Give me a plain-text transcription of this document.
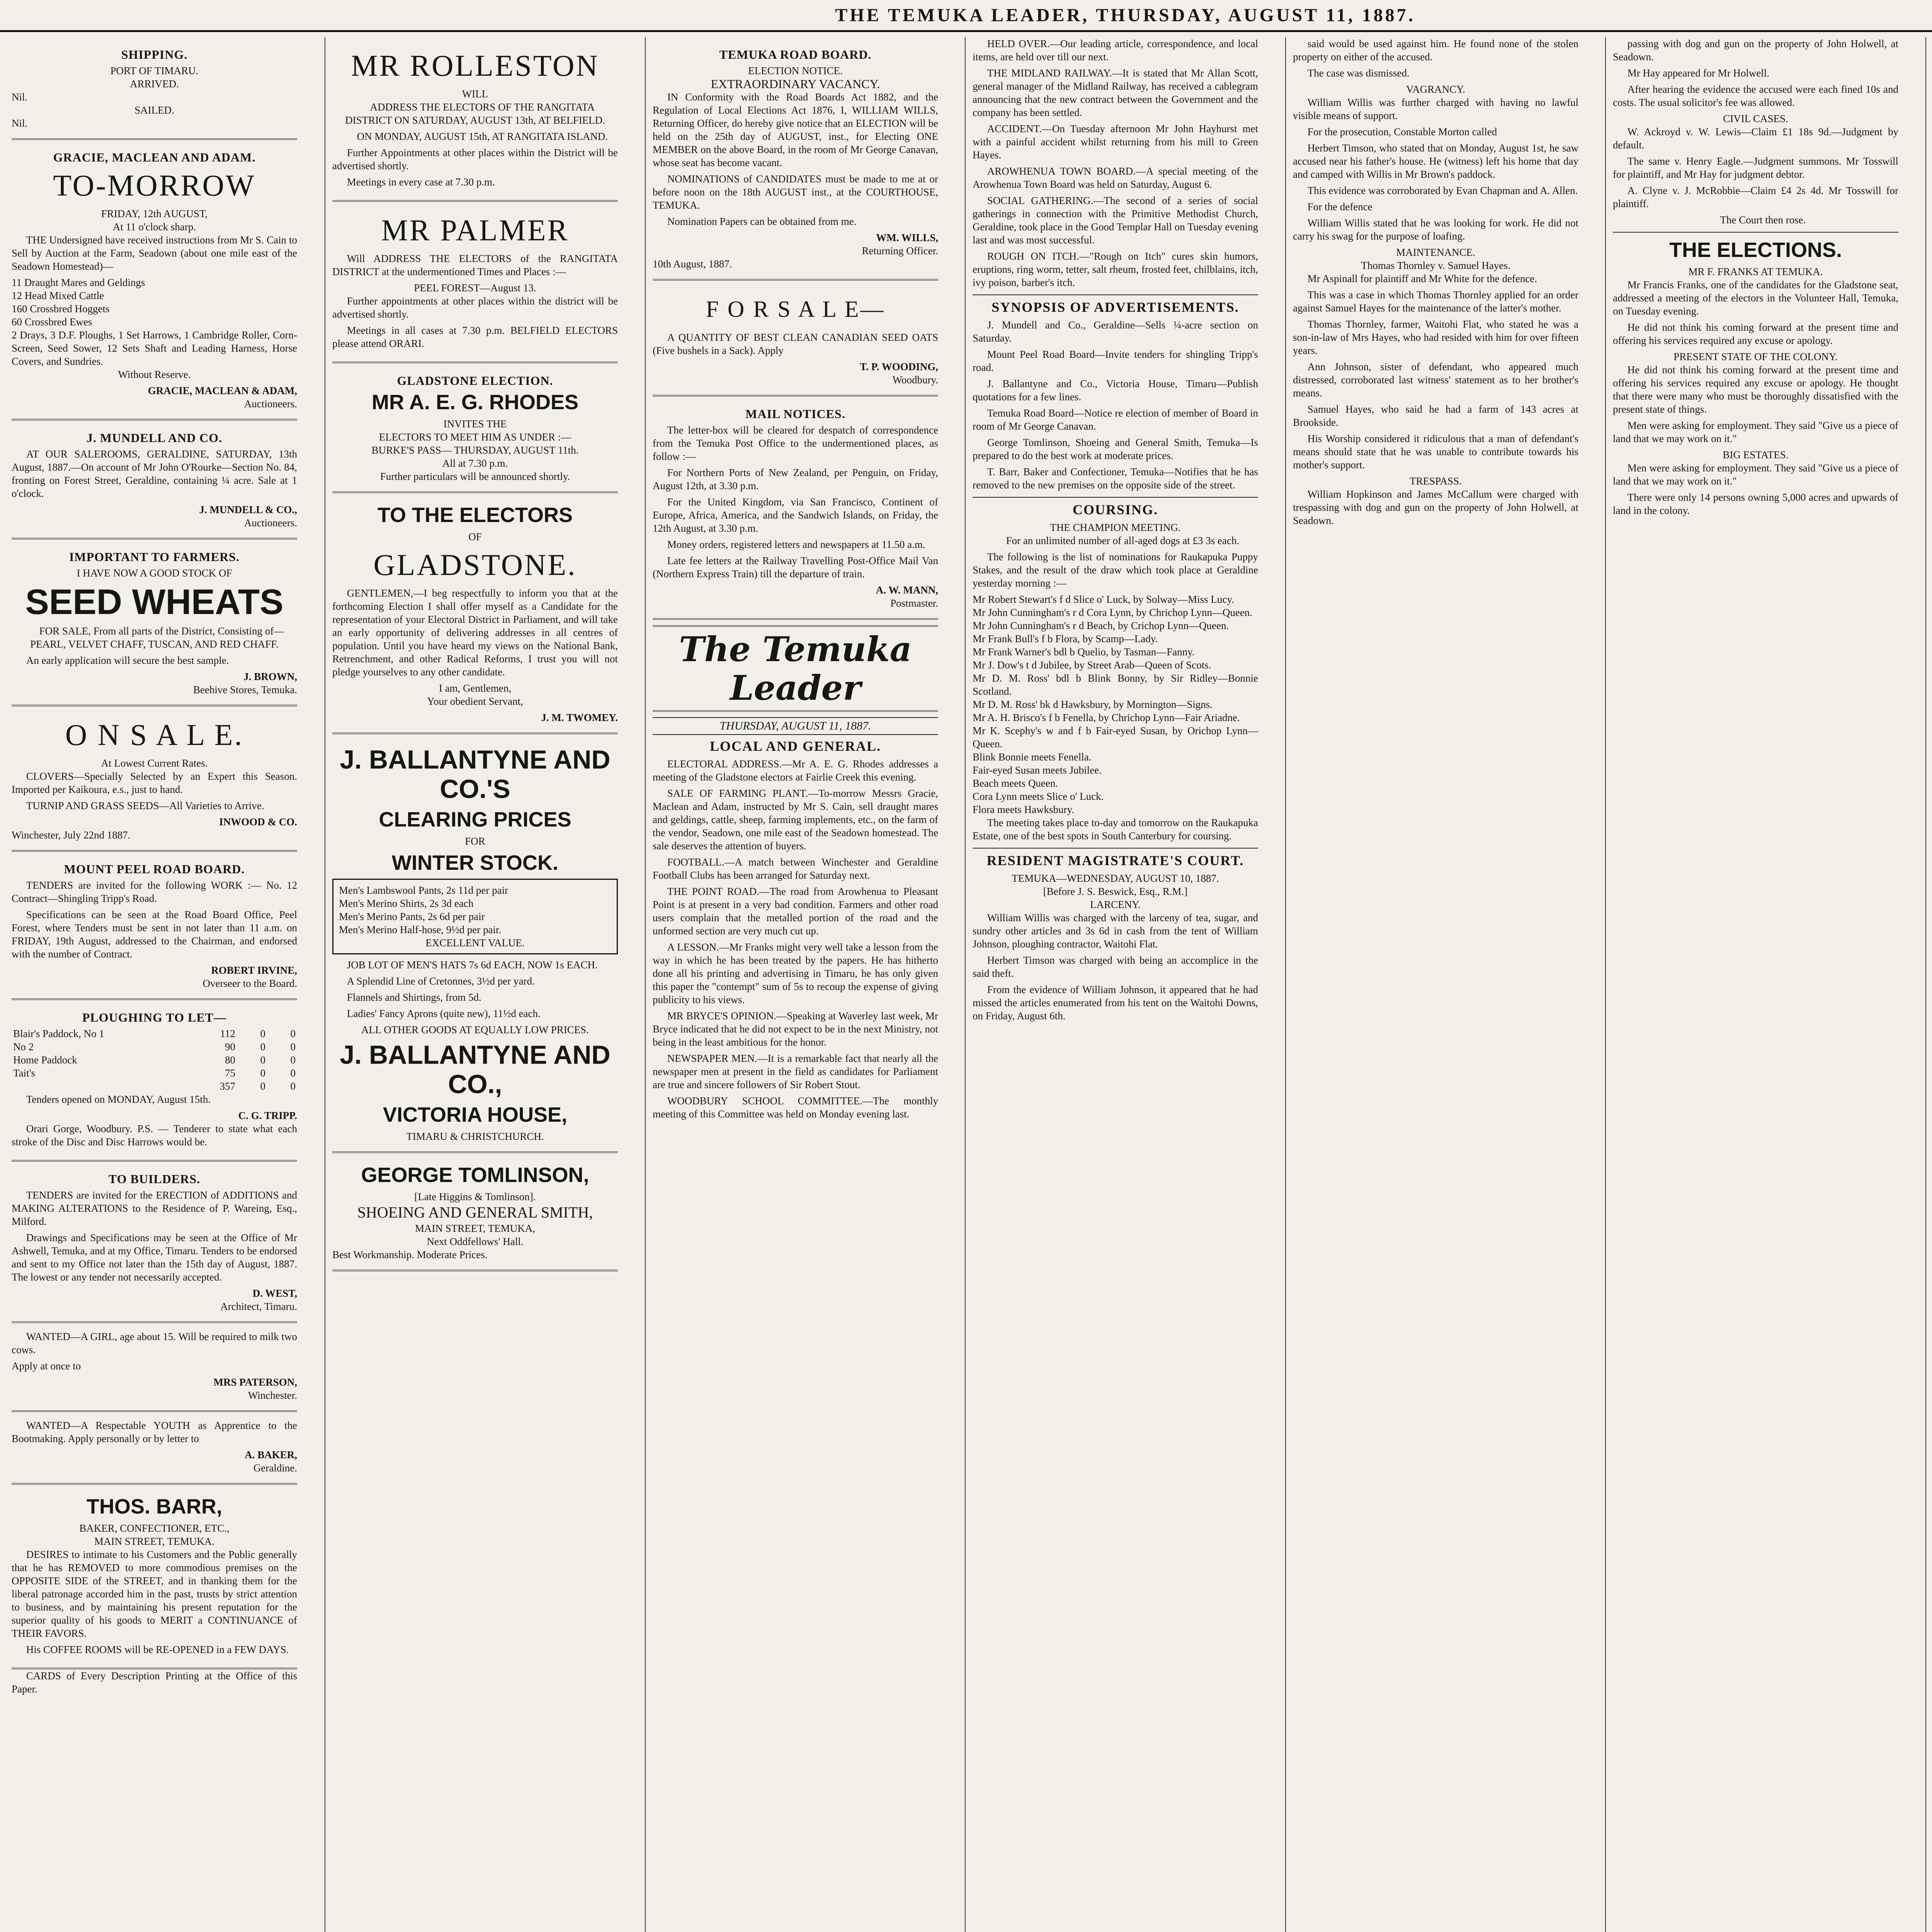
THE TEMUKA LEADER, THURSDAY, AUGUST 11, 1887.
SHIPPING.
PORT OF TIMARU.
ARRIVED.
Nil.
SAILED.
Nil.
GRACIE, MACLEAN AND ADAM.
TO-MORROW
FRIDAY, 12th AUGUST,
At 11 o'clock sharp.

THE Undersigned have received instructions from Mr S. Cain to Sell by Auction at the Farm, Seadown (about one mile east of the Seadown Homestead)—

11 Draught Mares and Geldings
12 Head Mixed Cattle
160 Crossbred Hoggets
60 Crossbred Ewes
2 Drays, 3 D.F. Ploughs, 1 Set Harrows, 1 Cambridge Roller, Corn-Screen, Seed Sower, 12 Sets Shaft and Leading Harness, Horse Covers, and Sundries.
Without Reserve.
GRACIE, MACLEAN & ADAM,
Auctioneers.
J. MUNDELL AND CO.

AT OUR SALEROOMS, GERALDINE, SATURDAY, 13th August, 1887.—On account of Mr John O'Rourke—Section No. 84, fronting on Forest Street, Geraldine, containing ¼ acre. Sale at 1 o'clock.

J. MUNDELL & CO.,
Auctioneers.
IMPORTANT TO FARMERS.
I HAVE NOW A GOOD STOCK OF
SEED WHEATS

FOR SALE, From all parts of the District, Consisting of— PEARL, VELVET CHAFF, TUSCAN, AND RED CHAFF.

An early application will secure the best sample.

J. BROWN,
Beehive Stores, Temuka.
O N S A L E.
At Lowest Current Rates.

CLOVERS—Specially Selected by an Expert this Season. Imported per Kaikoura, e.s., just to hand.

TURNIP AND GRASS SEEDS—All Varieties to Arrive.

INWOOD & CO.
Winchester, July 22nd 1887.
MOUNT PEEL ROAD BOARD.

TENDERS are invited for the following WORK :— No. 12 Contract—Shingling Tripp's Road.

Specifications can be seen at the Road Board Office, Peel Forest, where Tenders must be sent in not later than 11 a.m. on FRIDAY, 19th August, addressed to the Chairman, and endorsed with the number of Contract.

ROBERT IRVINE,
Overseer to the Board.
PLOUGHING TO LET—
Blair's Paddock, No 1	112	0	0
No 2	90	0	0
Home Paddock	80	0	0
Tait's	75	0	0
	357	0	0

Tenders opened on MONDAY, August 15th.

C. G. TRIPP.

Orari Gorge, Woodbury. P.S. — Tenderer to state what each stroke of the Disc and Disc Harrows would be.

TO BUILDERS.

TENDERS are invited for the ERECTION of ADDITIONS and MAKING ALTERATIONS to the Residence of P. Wareing, Esq., Milford.

Drawings and Specifications may be seen at the Office of Mr Ashwell, Temuka, and at my Office, Timaru. Tenders to be endorsed and sent to my Office not later than the 15th day of August, 1887. The lowest or any tender not necessarily accepted.

D. WEST,
Architect, Timaru.

WANTED—A GIRL, age about 15. Will be required to milk two cows.

Apply at once to
MRS PATERSON,
Winchester.

WANTED—A Respectable YOUTH as Apprentice to the Bootmaking. Apply personally or by letter to

A. BAKER,
Geraldine.
THOS. BARR,
BAKER, CONFECTIONER, ETC.,
MAIN STREET, TEMUKA.

DESIRES to intimate to his Customers and the Public generally that he has REMOVED to more commodious premises on the OPPOSITE SIDE of the STREET, and in thanking them for the liberal patronage accorded him in the past, trusts by strict attention to business, and by maintaining his present reputation for the superior quality of his goods to MERIT a CONTINUANCE of THEIR FAVORS.

His COFFEE ROOMS will be RE-OPENED in a FEW DAYS.

CARDS of Every Description Printing at the Office of this Paper.

MR ROLLESTON
WILL

ADDRESS THE ELECTORS OF THE RANGITATA DISTRICT ON SATURDAY, AUGUST 13th, AT BELFIELD.

ON MONDAY, AUGUST 15th, AT RANGITATA ISLAND.

Further Appointments at other places within the District will be advertised shortly.

Meetings in every case at 7.30 p.m.

MR PALMER

Will ADDRESS THE ELECTORS of the RANGITATA DISTRICT at the undermentioned Times and Places :—

PEEL FOREST—August 13.

Further appointments at other places within the district will be advertised shortly.

Meetings in all cases at 7.30 p.m. BELFIELD ELECTORS please attend ORARI.

GLADSTONE ELECTION.
MR A. E. G. RHODES
INVITES THE
ELECTORS TO MEET HIM AS UNDER :—
BURKE'S PASS— THURSDAY, AUGUST 11th.
All at 7.30 p.m.
Further particulars will be announced shortly.
TO THE ELECTORS
OF
GLADSTONE.

GENTLEMEN,—I beg respectfully to inform you that at the forthcoming Election I shall offer myself as a Candidate for the representation of your Electoral District in Parliament, and will take an early opportunity of delivering addresses in all centres of population. Until you have heard my views on the National Bank, Retrenchment, and other Radical Reforms, I trust you will not pledge yourselves to any other candidate.

I am, Gentlemen,
Your obedient Servant,
J. M. TWOMEY.
J. BALLANTYNE AND CO.'S
CLEARING PRICES
FOR
WINTER STOCK.
Men's Lambswool Pants, 2s 11d per pair
Men's Merino Shirts, 2s 3d each
Men's Merino Pants, 2s 6d per pair
Men's Merino Half-hose, 9½d per pair.
EXCELLENT VALUE.

JOB LOT OF MEN'S HATS 7s 6d EACH, NOW 1s EACH.

A Splendid Line of Cretonnes, 3½d per yard.

Flannels and Shirtings, from 5d.

Ladies' Fancy Aprons (quite new), 11½d each.

ALL OTHER GOODS AT EQUALLY LOW PRICES.
J. BALLANTYNE AND CO.,
VICTORIA HOUSE,
TIMARU & CHRISTCHURCH.
GEORGE TOMLINSON,
[Late Higgins & Tomlinson].
SHOEING AND GENERAL SMITH,
MAIN STREET, TEMUKA,
Next Oddfellows' Hall.
Best Workmanship. Moderate Prices.
TEMUKA ROAD BOARD.
ELECTION NOTICE.
EXTRAORDINARY VACANCY.

IN Conformity with the Road Boards Act 1882, and the Regulation of Local Elections Act 1876, I, WILLIAM WILLS, Returning Officer, do hereby give notice that an ELECTION will be held on the 25th day of AUGUST, inst., for Electing ONE MEMBER on the above Board, in the room of Mr George Canavan, whose seat has become vacant.

NOMINATIONS of CANDIDATES must be made to me at or before noon on the 18th AUGUST inst., at the COURTHOUSE, TEMUKA.

Nomination Papers can be obtained from me.

WM. WILLS,
Returning Officer.
10th August, 1887.
F O R S A L E—

A QUANTITY OF BEST CLEAN CANADIAN SEED OATS (Five bushels in a Sack). Apply

T. P. WOODING,
Woodbury.
MAIL NOTICES.

The letter-box will be cleared for despatch of correspondence from the Temuka Post Office to the undermentioned places, as follow :—

For Northern Ports of New Zealand, per Penguin, on Friday, August 12th, at 3.30 p.m.

For the United Kingdom, via San Francisco, Continent of Europe, Africa, America, and the Sandwich Islands, on Friday, the 12th August, at 3.30 p.m.

Money orders, registered letters and newspapers at 11.50 a.m.

Late fee letters at the Railway Travelling Post-Office Mail Van (Northern Express Train) till the departure of train.

A. W. MANN,
Postmaster.
The Temuka Leader
THURSDAY, AUGUST 11, 1887.
LOCAL AND GENERAL.

ELECTORAL ADDRESS.—Mr A. E. G. Rhodes addresses a meeting of the Gladstone electors at Fairlie Creek this evening.

SALE OF FARMING PLANT.—To-morrow Messrs Gracie, Maclean and Adam, instructed by Mr S. Cain, sell draught mares and geldings, cattle, sheep, farming implements, etc., on the farm of the vendor, Seadown, one mile east of the Seadown homestead. The sale deserves the attention of buyers.

FOOTBALL.—A match between Winchester and Geraldine Football Clubs has been arranged for Saturday next.

THE POINT ROAD.—The road from Arowhenua to Pleasant Point is at present in a very bad condition. Farmers and other road users complain that the metalled portion of the road and the unformed section are very much cut up.

A LESSON.—Mr Franks might very well take a lesson from the way in which he has been treated by the papers. He has hitherto done all his printing and advertising in Timaru, he has only given this paper the "contempt" sum of 5s to recoup the expense of giving publicity to his views.

MR BRYCE'S OPINION.—Speaking at Waverley last week, Mr Bryce indicated that he did not expect to be in the next Ministry, not being in the least ambitious for the honor.

NEWSPAPER MEN.—It is a remarkable fact that nearly all the newspaper men at present in the field as candidates for Parliament are true and sincere followers of Sir Robert Stout.

WOODBURY SCHOOL COMMITTEE.—The monthly meeting of this Committee was held on Monday evening last.

HELD OVER.—Our leading article, correspondence, and local items, are held over till our next.

THE MIDLAND RAILWAY.—It is stated that Mr Allan Scott, general manager of the Midland Railway, has received a cablegram announcing that the new contract between the Government and the company has been settled.

ACCIDENT.—On Tuesday afternoon Mr John Hayhurst met with a painful accident whilst returning from his mill to Green Hayes.

AROWHENUA TOWN BOARD.—A special meeting of the Arowhenua Town Board was held on Saturday, August 6.

SOCIAL GATHERING.—The second of a series of social gatherings in connection with the Primitive Methodist Church, Geraldine, took place in the Good Templar Hall on Tuesday evening last and was most successful.

ROUGH ON ITCH.—"Rough on Itch" cures skin humors, eruptions, ring worm, tetter, salt rheum, frosted feet, chilblains, itch, ivy poison, barber's itch.

SYNOPSIS OF ADVERTISEMENTS.

J. Mundell and Co., Geraldine—Sells ¼-acre section on Saturday.

Mount Peel Road Board—Invite tenders for shingling Tripp's road.

J. Ballantyne and Co., Victoria House, Timaru—Publish quotations for a few lines.

Temuka Road Board—Notice re election of member of Board in room of Mr George Canavan.

George Tomlinson, Shoeing and General Smith, Temuka—Is prepared to do the best work at moderate prices.

T. Barr, Baker and Confectioner, Temuka—Notifies that he has removed to the new premises on the opposite side of the street.

COURSING.
THE CHAMPION MEETING.

For an unlimited number of all-aged dogs at £3 3s each.

The following is the list of nominations for Raukapuka Puppy Stakes, and the result of the draw which took place at Geraldine yesterday morning :—

Mr Robert Stewart's f d Slice o' Luck, by Solway—Miss Lucy.
Mr John Cunningham's r d Cora Lynn, by Chrichop Lynn—Queen.
Mr John Cunningham's r d Beach, by Crichop Lynn—Queen.
Mr Frank Bull's f b Flora, by Scamp—Lady.
Mr Frank Warner's bdl b Quelio, by Tasman—Fanny.
Mr J. Dow's t d Jubilee, by Street Arab—Queen of Scots.
Mr D. M. Ross' bdl b Blink Bonny, by Sir Ridley—Bonnie Scotland.
Mr D. M. Ross' bk d Hawksbury, by Mornington—Signs.
Mr A. H. Brisco's f b Fenella, by Chrichop Lynn—Fair Ariadne.
Mr K. Scephy's w and f b Fair-eyed Susan, by Orichop Lynn—Queen.
Blink Bonnie meets Fenella.
Fair-eyed Susan meets Jubilee.
Beach meets Queen.
Cora Lynn meets Slice o' Luck.
Flora meets Hawksbury.

The meeting takes place to-day and tomorrow on the Raukapuka Estate, one of the best spots in South Canterbury for coursing.

RESIDENT MAGISTRATE'S COURT.
TEMUKA—WEDNESDAY, AUGUST 10, 1887.
[Before J. S. Beswick, Esq., R.M.]
LARCENY.

William Willis was charged with the larceny of tea, sugar, and sundry other articles and 3s 6d in cash from the tent of William Johnson, ploughing contractor, Waitohi Flat.

Herbert Timson was charged with being an accomplice in the said theft.

From the evidence of William Johnson, it appeared that he had missed the articles enumerated from his tent on the Waitohi Downs, on Friday, August 6th.

said would be used against him. He found none of the stolen property on either of the accused.

The case was dismissed.

VAGRANCY.

William Willis was further charged with having no lawful visible means of support.

For the prosecution, Constable Morton called

Herbert Timson, who stated that on Monday, August 1st, he saw accused near his father's house. He (witness) left his home that day and camped with Willis in Mr Brown's paddock.

This evidence was corroborated by Evan Chapman and A. Allen.

For the defence

William Willis stated that he was looking for work. He did not carry his swag for the purpose of loafing.

MAINTENANCE.
Thomas Thornley v. Samuel Hayes.

Mr Aspinall for plaintiff and Mr White for the defence.

This was a case in which Thomas Thornley applied for an order against Samuel Hayes for the maintenance of the latter's mother.

Thomas Thornley, farmer, Waitohi Flat, who stated he was a son-in-law of Mrs Hayes, who had resided with him for over fifteen years.

Ann Johnson, sister of defendant, who appeared much distressed, corroborated last witness' statement as to her brother's means.

Samuel Hayes, who said he had a farm of 143 acres at Brookside.

His Worship considered it ridiculous that a man of defendant's means should state that he was unable to contribute towards his mother's support.

TRESPASS.

William Hopkinson and James McCallum were charged with trespassing with dog and gun on the property of John Holwell, at Seadown.

passing with dog and gun on the property of John Holwell, at Seadown.

Mr Hay appeared for Mr Holwell.

After hearing the evidence the accused were each fined 10s and costs. The usual solicitor's fee was allowed.

CIVIL CASES.

W. Ackroyd v. W. Lewis—Claim £1 18s 9d.—Judgment by default.

The same v. Henry Eagle.—Judgment summons. Mr Tosswill for plaintiff, and Mr Hay for judgment debtor.

A. Clyne v. J. McRobbie—Claim £4 2s 4d. Mr Tosswill for plaintiff.

The Court then rose.

THE ELECTIONS.
MR F. FRANKS AT TEMUKA.

Mr Francis Franks, one of the candidates for the Gladstone seat, addressed a meeting of the electors in the Volunteer Hall, Temuka, on Tuesday evening.

He did not think his coming forward at the present time and offering his services required any excuse or apology.

PRESENT STATE OF THE COLONY.

He did not think his coming forward at the present time and offering his services required any excuse or apology. He thought that there were many who must be thoroughly dissatisfied with the present state of things.

Men were asking for employment. They said "Give us a piece of land that we may work on it."

BIG ESTATES.

Men were asking for employment. They said "Give us a piece of land that we may work on it."

There were only 14 persons owning 5,000 acres and upwards of land in the colony.
